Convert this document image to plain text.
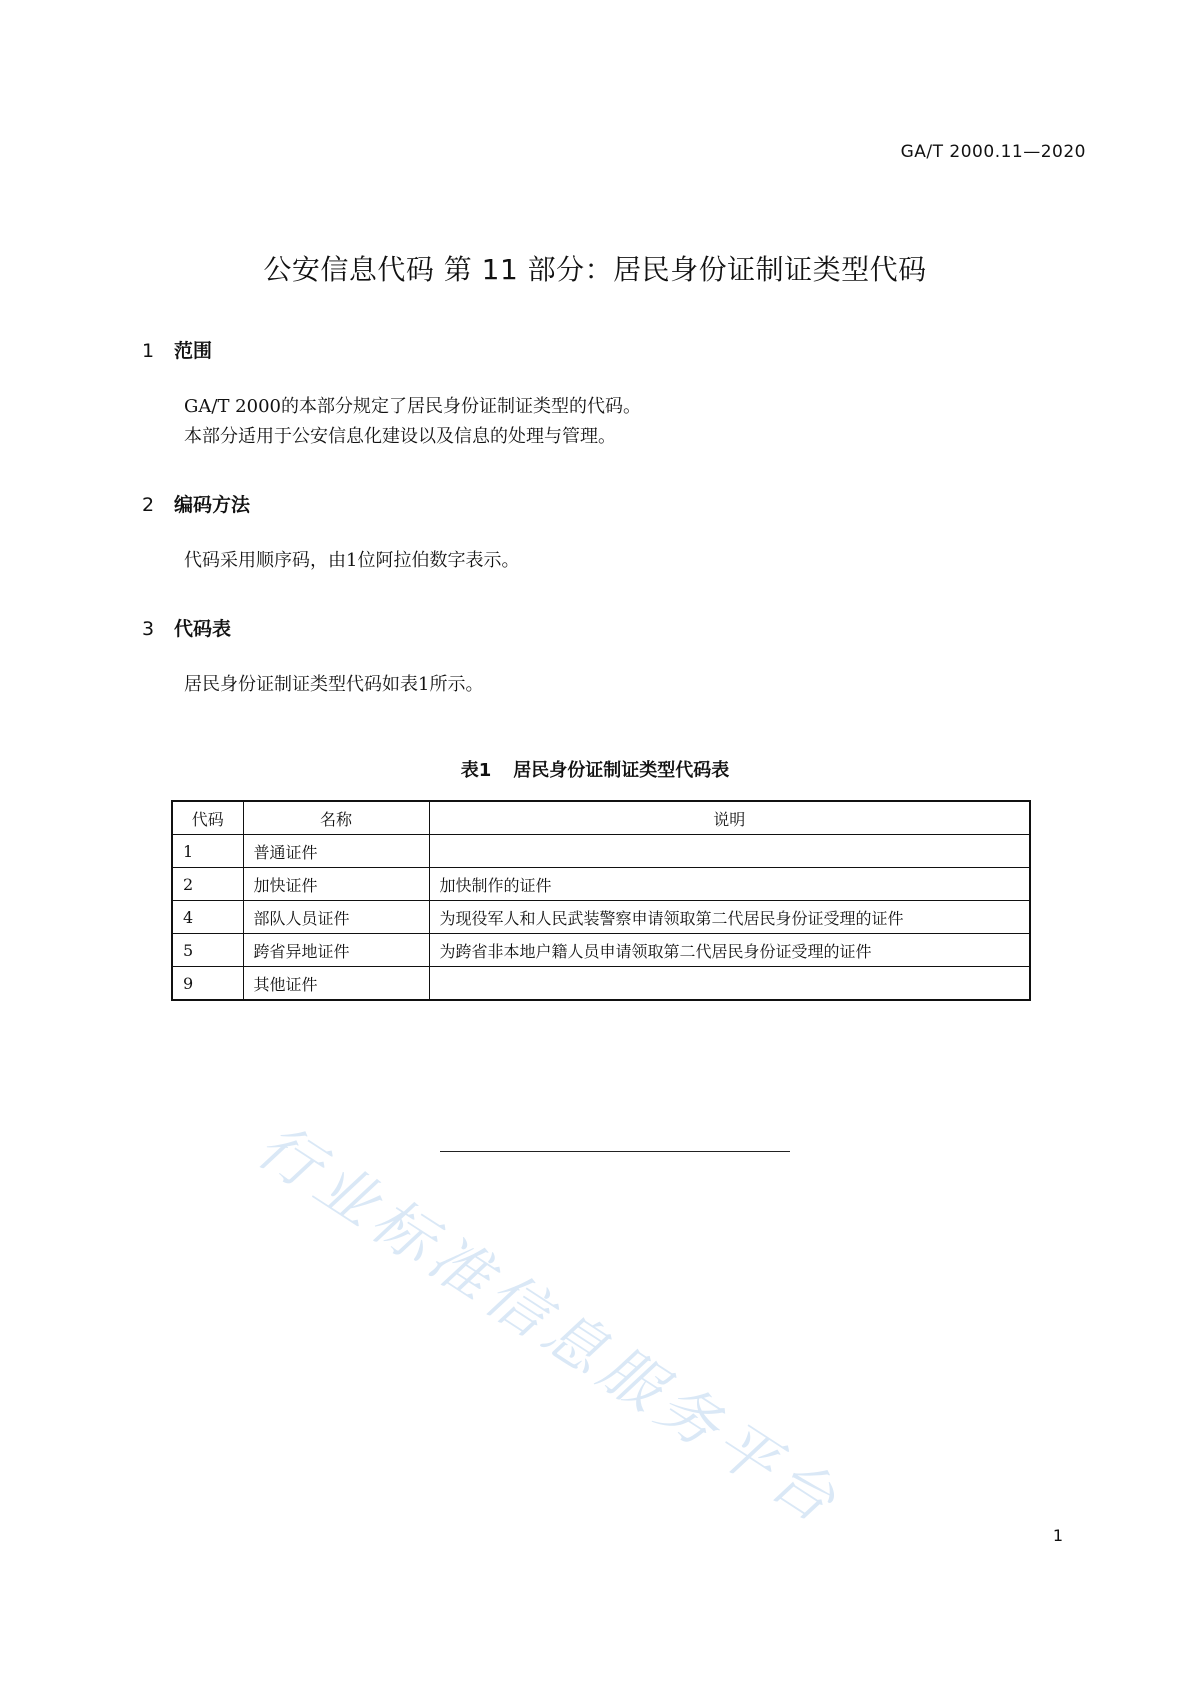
GA/T 2000.11—2020
公安信息代码 第 11 部分：居民身份证制证类型代码
1 范围
GA/T 2000的本部分规定了居民身份证制证类型的代码。
本部分适用于公安信息化建设以及信息的处理与管理。
2 编码方法
代码采用顺序码，由1位阿拉伯数字表示。
3 代码表
居民身份证制证类型代码如表1所示。
表1 居民身份证制证类型代码表
代码	名称	说明
1	普通证件	
2	加快证件	加快制作的证件
4	部队人员证件	为现役军人和人民武装警察申请领取第二代居民身份证受理的证件
5	跨省异地证件	为跨省非本地户籍人员申请领取第二代居民身份证受理的证件
9	其他证件	
行业标准信息服务平台	1
